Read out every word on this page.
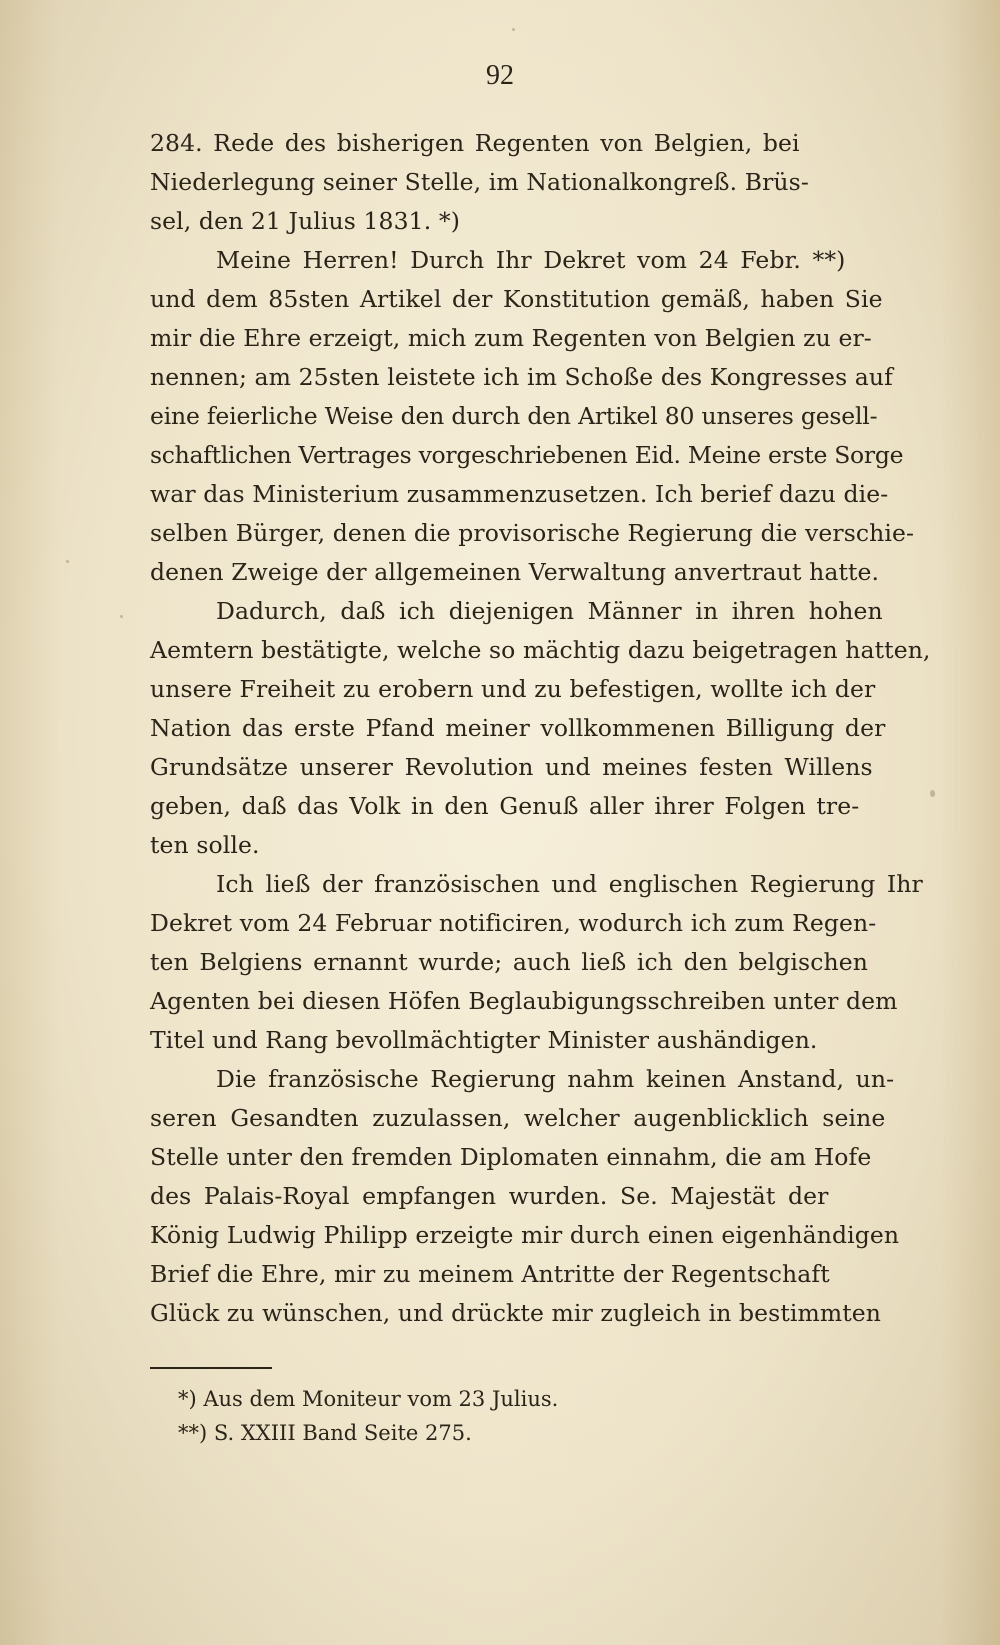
92
284. Rede des bisherigen Regenten von Belgien, bei
Niederlegung seiner Stelle, im Nationalkongreß. Brüs-
sel, den 21 Julius 1831. *)
Meine Herren! Durch Ihr Dekret vom 24 Febr. **)
und dem 85sten Artikel der Konstitution gemäß, haben Sie
mir die Ehre erzeigt, mich zum Regenten von Belgien zu er-
nennen; am 25sten leistete ich im Schoße des Kongresses auf
eine feierliche Weise den durch den Artikel 80 unseres gesell-
schaftlichen Vertrages vorgeschriebenen Eid. Meine erste Sorge
war das Ministerium zusammenzusetzen. Ich berief dazu die-
selben Bürger, denen die provisorische Regierung die verschie-
denen Zweige der allgemeinen Verwaltung anvertraut hatte.
Dadurch, daß ich diejenigen Männer in ihren hohen
Aemtern bestätigte, welche so mächtig dazu beigetragen hatten,
unsere Freiheit zu erobern und zu befestigen, wollte ich der
Nation das erste Pfand meiner vollkommenen Billigung der
Grundsätze unserer Revolution und meines festen Willens
geben, daß das Volk in den Genuß aller ihrer Folgen tre-
ten solle.
Ich ließ der französischen und englischen Regierung Ihr
Dekret vom 24 Februar notificiren, wodurch ich zum Regen-
ten Belgiens ernannt wurde; auch ließ ich den belgischen
Agenten bei diesen Höfen Beglaubigungsschreiben unter dem
Titel und Rang bevollmächtigter Minister aushändigen.
Die französische Regierung nahm keinen Anstand, un-
seren Gesandten zuzulassen, welcher augenblicklich seine
Stelle unter den fremden Diplomaten einnahm, die am Hofe
des Palais-Royal empfangen wurden. Se. Majestät der
König Ludwig Philipp erzeigte mir durch einen eigenhändigen
Brief die Ehre, mir zu meinem Antritte der Regentschaft
Glück zu wünschen, und drückte mir zugleich in bestimmten
*) Aus dem Moniteur vom 23 Julius.
**) S. XXIII Band Seite 275.
